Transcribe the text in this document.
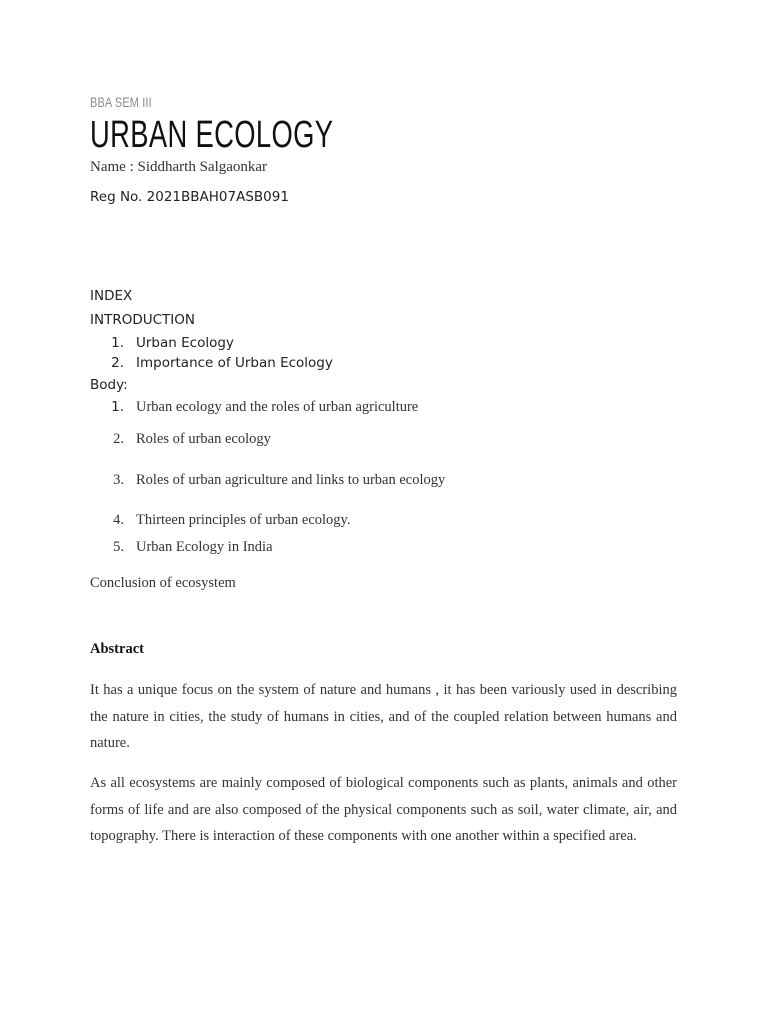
BBA SEM III
URBAN ECOLOGY
Name : Siddharth Salgaonkar
Reg No. 2021BBAH07ASB091
INDEX
INTRODUCTION
1. Urban Ecology
2. Importance of Urban Ecology
Body:
1. Urban ecology and the roles of urban agriculture
2. Roles of urban ecology
3. Roles of urban agriculture and links to urban ecology
4. Thirteen principles of urban ecology.
5. Urban Ecology in India
Conclusion of ecosystem
Abstract
It has a unique focus on the system of nature and humans , it has been variously used in describing the nature in cities, the study of humans in cities, and of the coupled relation between humans and nature.
As all ecosystems are mainly composed of biological components such as plants, animals and other forms of life and are also composed of the physical components such as soil, water climate, air, and topography. There is interaction of these components with one another within a specified area.
